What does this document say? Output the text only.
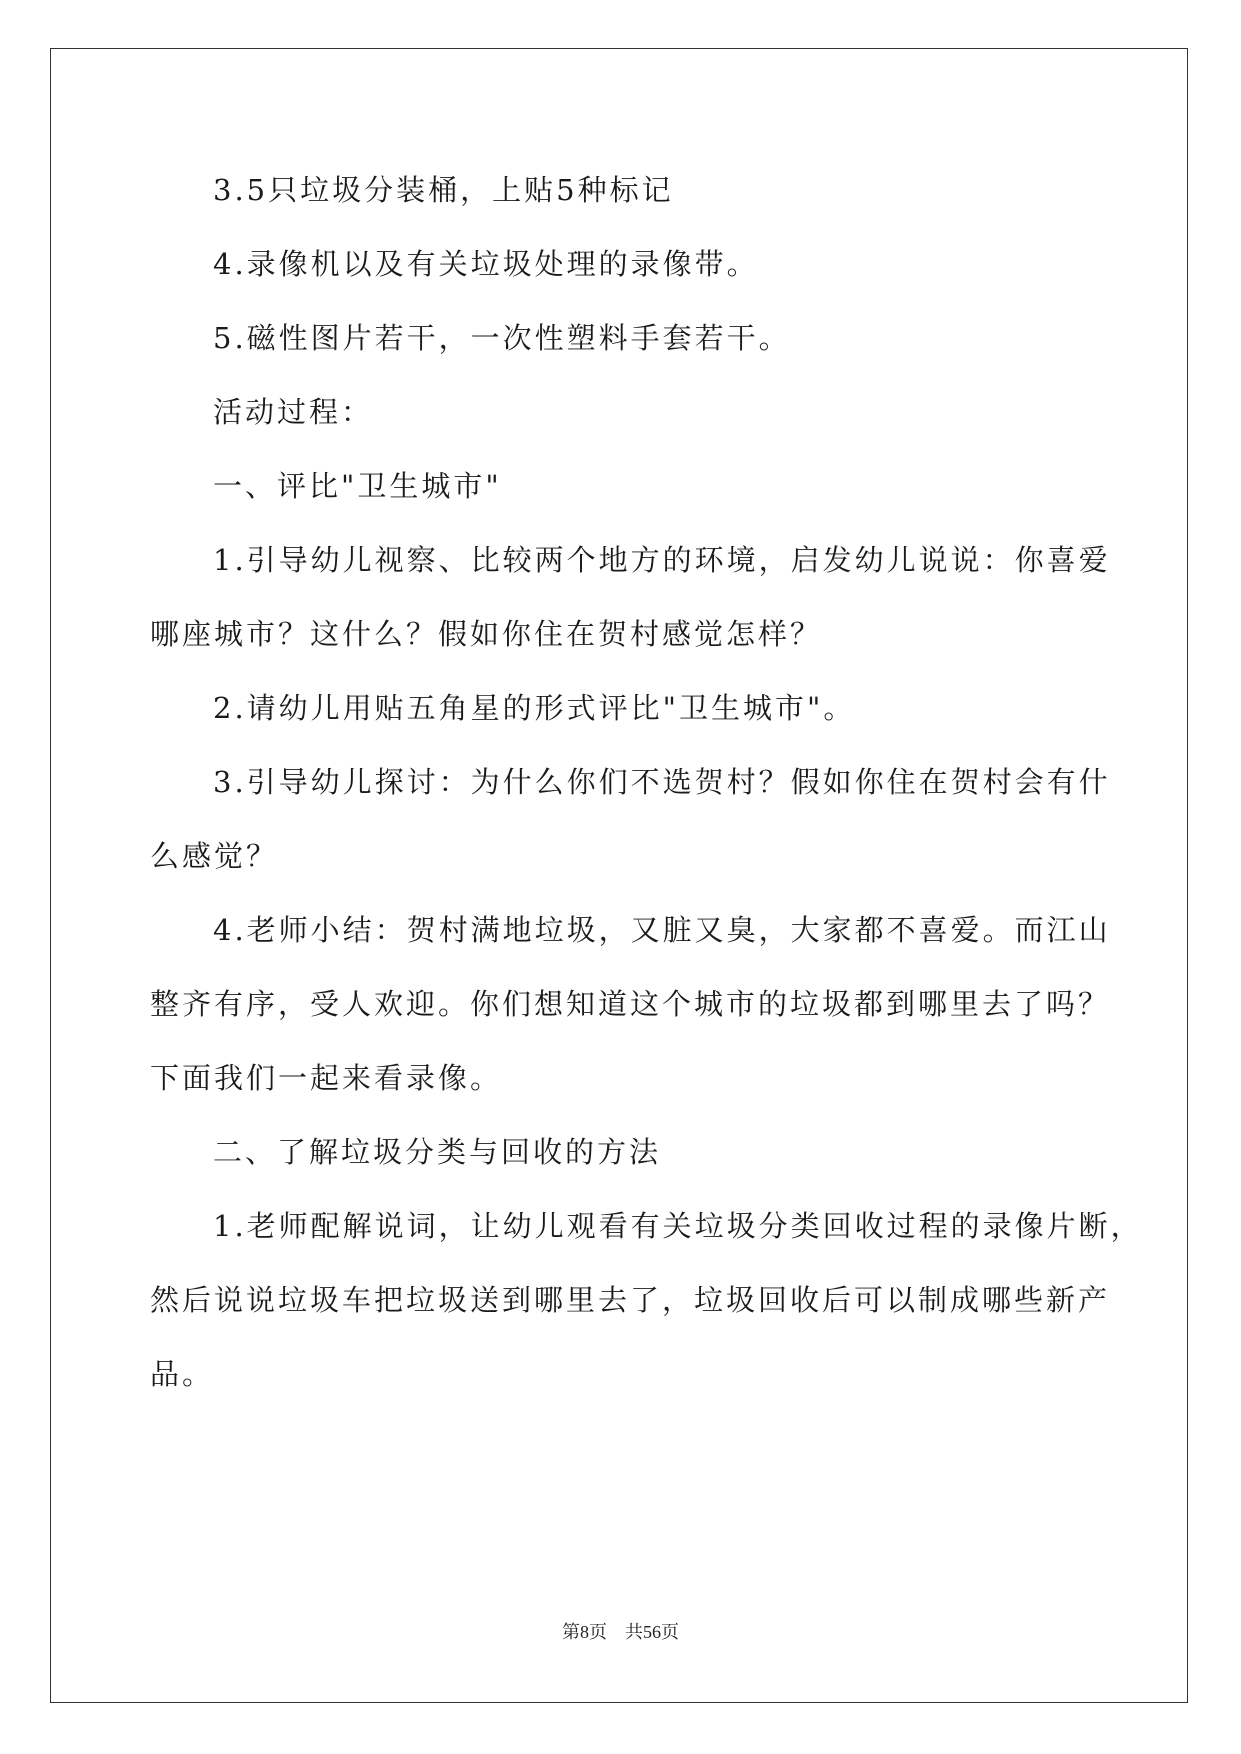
3.5只垃圾分装桶，上贴5种标记
4.录像机以及有关垃圾处理的录像带。
5.磁性图片若干，一次性塑料手套若干。
活动过程：
一、评比"卫生城市"
1.引导幼儿视察、比较两个地方的环境，启发幼儿说说：你喜爱
哪座城市？这什么？假如你住在贺村感觉怎样？
2.请幼儿用贴五角星的形式评比"卫生城市"。
3.引导幼儿探讨：为什么你们不选贺村？假如你住在贺村会有什
么感觉？
4.老师小结：贺村满地垃圾，又脏又臭，大家都不喜爱。而江山
整齐有序，受人欢迎。你们想知道这个城市的垃圾都到哪里去了吗？
下面我们一起来看录像。
二、了解垃圾分类与回收的方法
1.老师配解说词，让幼儿观看有关垃圾分类回收过程的录像片断，
然后说说垃圾车把垃圾送到哪里去了，垃圾回收后可以制成哪些新产
品。
第8页 共56页
